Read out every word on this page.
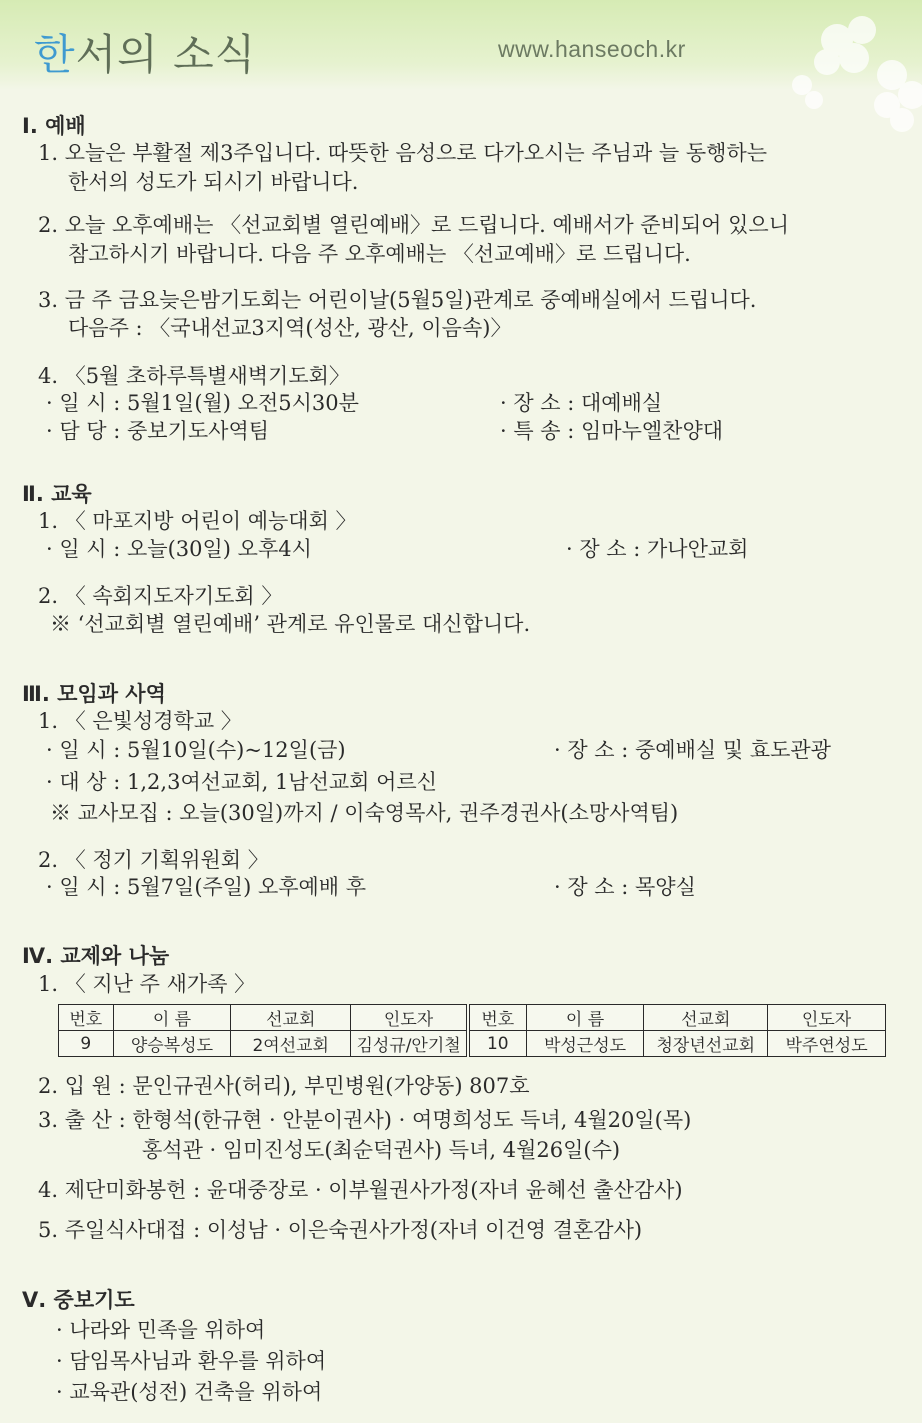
한서의 소식	www.hanseoch.kr
Ⅰ. 예배
1. 오늘은 부활절 제3주입니다. 따뜻한 음성으로 다가오시는 주님과 늘 동행하는
한서의 성도가 되시기 바랍니다.
2. 오늘 오후예배는 〈선교회별 열린예배〉로 드립니다. 예배서가 준비되어 있으니
참고하시기 바랍니다. 다음 주 오후예배는 〈선교예배〉로 드립니다.
3. 금 주 금요늦은밤기도회는 어린이날(5월5일)관계로 중예배실에서 드립니다.
다음주 : 〈국내선교3지역(성산, 광산, 이음속)〉
4. 〈5월 초하루특별새벽기도회〉
· 일 시 : 5월1일(월) 오전5시30분	· 장 소 : 대예배실
· 담 당 : 중보기도사역팀	· 특 송 : 임마누엘찬양대
Ⅱ. 교육
1. 〈 마포지방 어린이 예능대회 〉
· 일 시 : 오늘(30일) 오후4시	· 장 소 : 가나안교회
2. 〈 속회지도자기도회 〉
※ ‘선교회별 열린예배’ 관계로 유인물로 대신합니다.
Ⅲ. 모임과 사역
1. 〈 은빛성경학교 〉
· 일 시 : 5월10일(수)~12일(금)	· 장 소 : 중예배실 및 효도관광
· 대 상 : 1,2,3여선교회, 1남선교회 어르신
※ 교사모집 : 오늘(30일)까지 / 이숙영목사, 권주경권사(소망사역팀)
2. 〈 정기 기획위원회 〉
· 일 시 : 5월7일(주일) 오후예배 후	· 장 소 : 목양실
Ⅳ. 교제와 나눔
1. 〈 지난 주 새가족 〉
번호	이 름	선교회	인도자	번호	이 름	선교회	인도자
9	양승복성도	2여선교회	김성규/안기철	10	박성근성도	청장년선교회	박주연성도
2. 입 원 : 문인규권사(허리), 부민병원(가양동) 807호
3. 출 산 : 한형석(한규현 · 안분이권사) · 여명희성도 득녀, 4월20일(목)
홍석관 · 임미진성도(최순덕권사) 득녀, 4월26일(수)
4. 제단미화봉헌 : 윤대중장로 · 이부월권사가정(자녀 윤혜선 출산감사)
5. 주일식사대접 : 이성남 · 이은숙권사가정(자녀 이건영 결혼감사)
Ⅴ. 중보기도
· 나라와 민족을 위하여
· 담임목사님과 환우를 위하여
· 교육관(성전) 건축을 위하여
